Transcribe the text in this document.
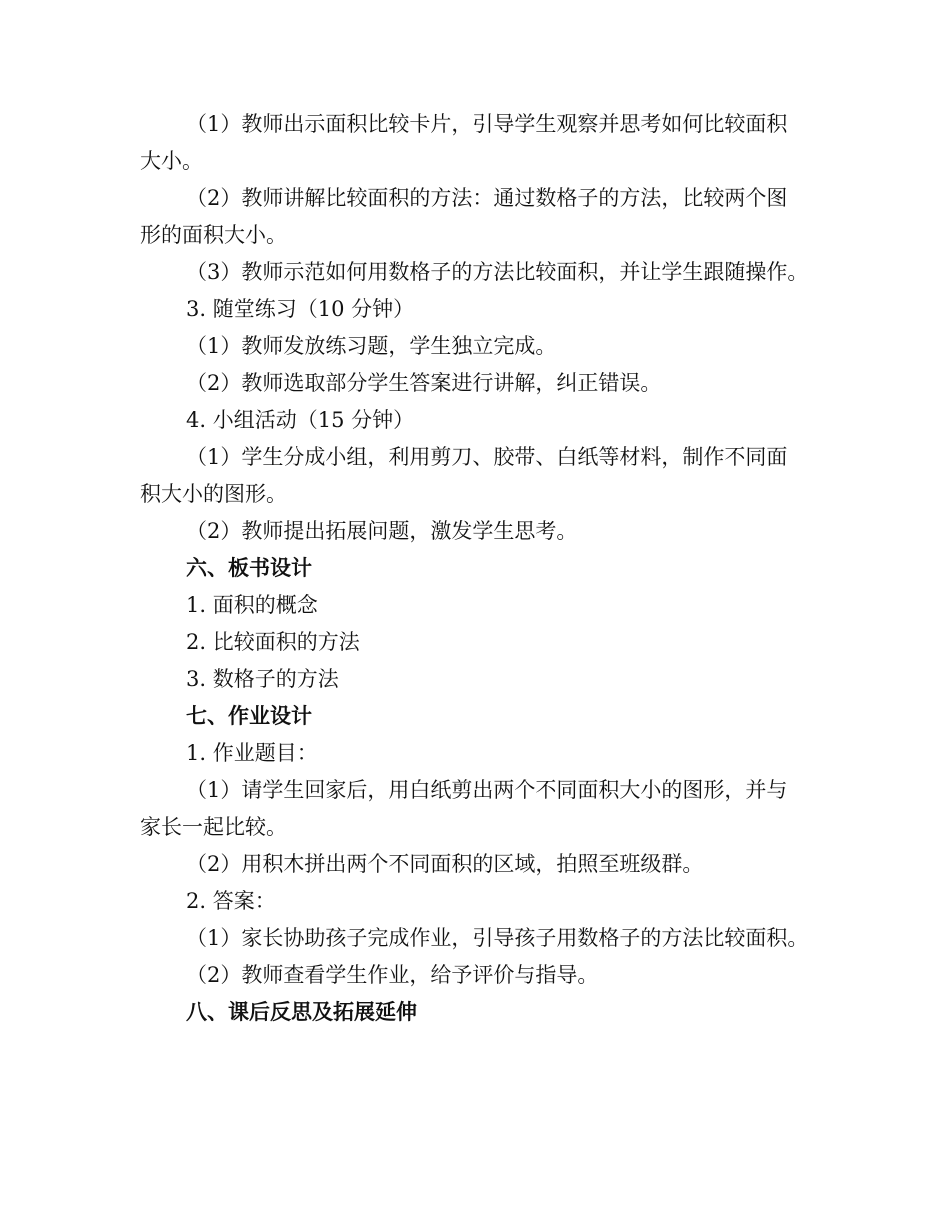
（1）教师出示面积比较卡片，引导学生观察并思考如何比较面积

大小。

（2）教师讲解比较面积的方法：通过数格子的方法，比较两个图

形的面积大小。

（3）教师示范如何用数格子的方法比较面积，并让学生跟随操作。

3. 随堂练习（10 分钟）

（1）教师发放练习题，学生独立完成。

（2）教师选取部分学生答案进行讲解，纠正错误。

4. 小组活动（15 分钟）

（1）学生分成小组，利用剪刀、胶带、白纸等材料，制作不同面

积大小的图形。

（2）教师提出拓展问题，激发学生思考。

六、板书设计

1. 面积的概念

2. 比较面积的方法

3. 数格子的方法

七、作业设计

1. 作业题目：

（1）请学生回家后，用白纸剪出两个不同面积大小的图形，并与

家长一起比较。

（2）用积木拼出两个不同面积的区域，拍照至班级群。

2. 答案：

（1）家长协助孩子完成作业，引导孩子用数格子的方法比较面积。

（2）教师查看学生作业，给予评价与指导。

八、课后反思及拓展延伸
